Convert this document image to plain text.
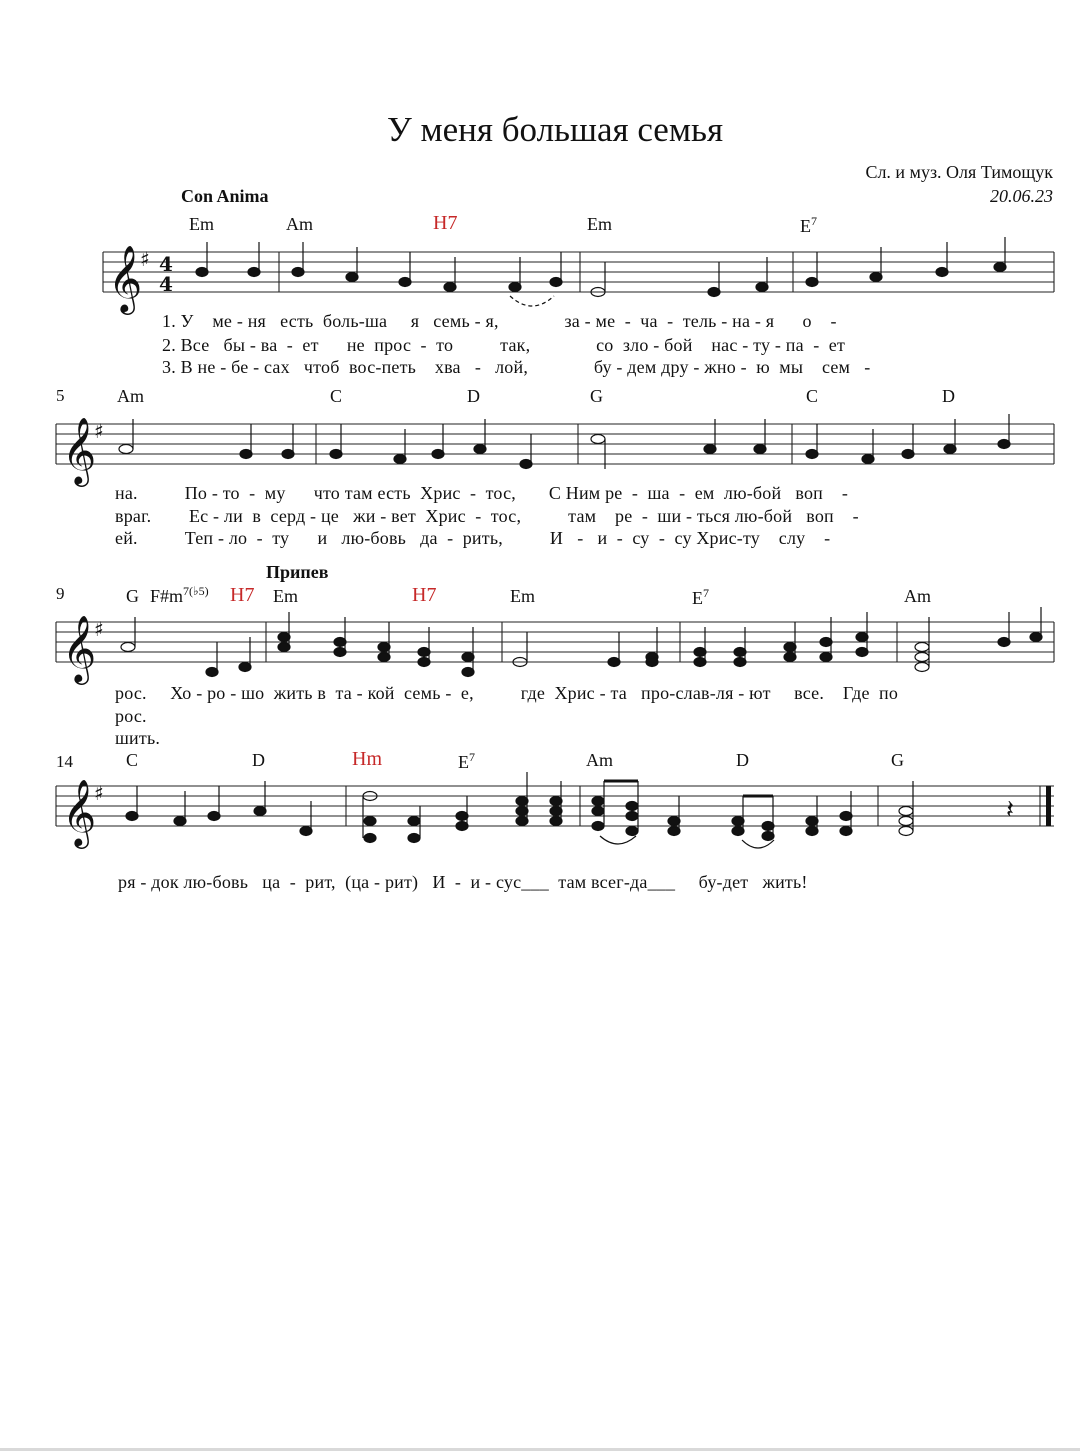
У меня большая семья
Сл. и муз. Оля Тимощук
20.06.23
Con Anima
Припев
5
9
14
Em	Am	H7	Em	$E^7$
Am	C	D	G	C	D
G $F\#m^{7(♭5)}$ H7 Em	H7	Em	$E^7$	Am
C	D	Hm	$E^7$	Am	D	G
1. У    ме - ня   есть  боль-ша     я   семь - я,              за - ме  -  ча  -  тель - на - я      о    -
2. Все   бы - ва  -  ет      не  прос  -  то          так,              со  зло - бой    нас - ту - па  -  ет
3. В не - бе - сах   чтоб  вос-петь    хва   -   лой,              бу - дем дру - жно -  ю  мы    сем   -
на.          По - то  -  му      что там есть  Хрис  -  тос,       С Ним ре  -  ша  -  ем  лю-бой   воп    -
враг.        Ес - ли  в  серд - це   жи - вет  Хрис  -  тос,          там    ре  -  ши - ться лю-бой   воп    -
ей.          Теп - ло  -  ту      и   лю-бовь   да  -  рить,          И   -   и  -  су  -  су Хрис-ту    слу    -
рос.     Хо - ро - шо  жить в  та - кой  семь -  е,          где  Хрис - та   про-слав-ля - ют     все.    Где  по
рос.
шить.
ря - док лю-бовь   ца  -  рит,  (ца - рит)   И  -  и - сус___  там всег-да___     бу-дет   жить!
𝄞
♯ 4
4
𝄞
♯
𝄞
♯
𝄞
♯
𝄽
